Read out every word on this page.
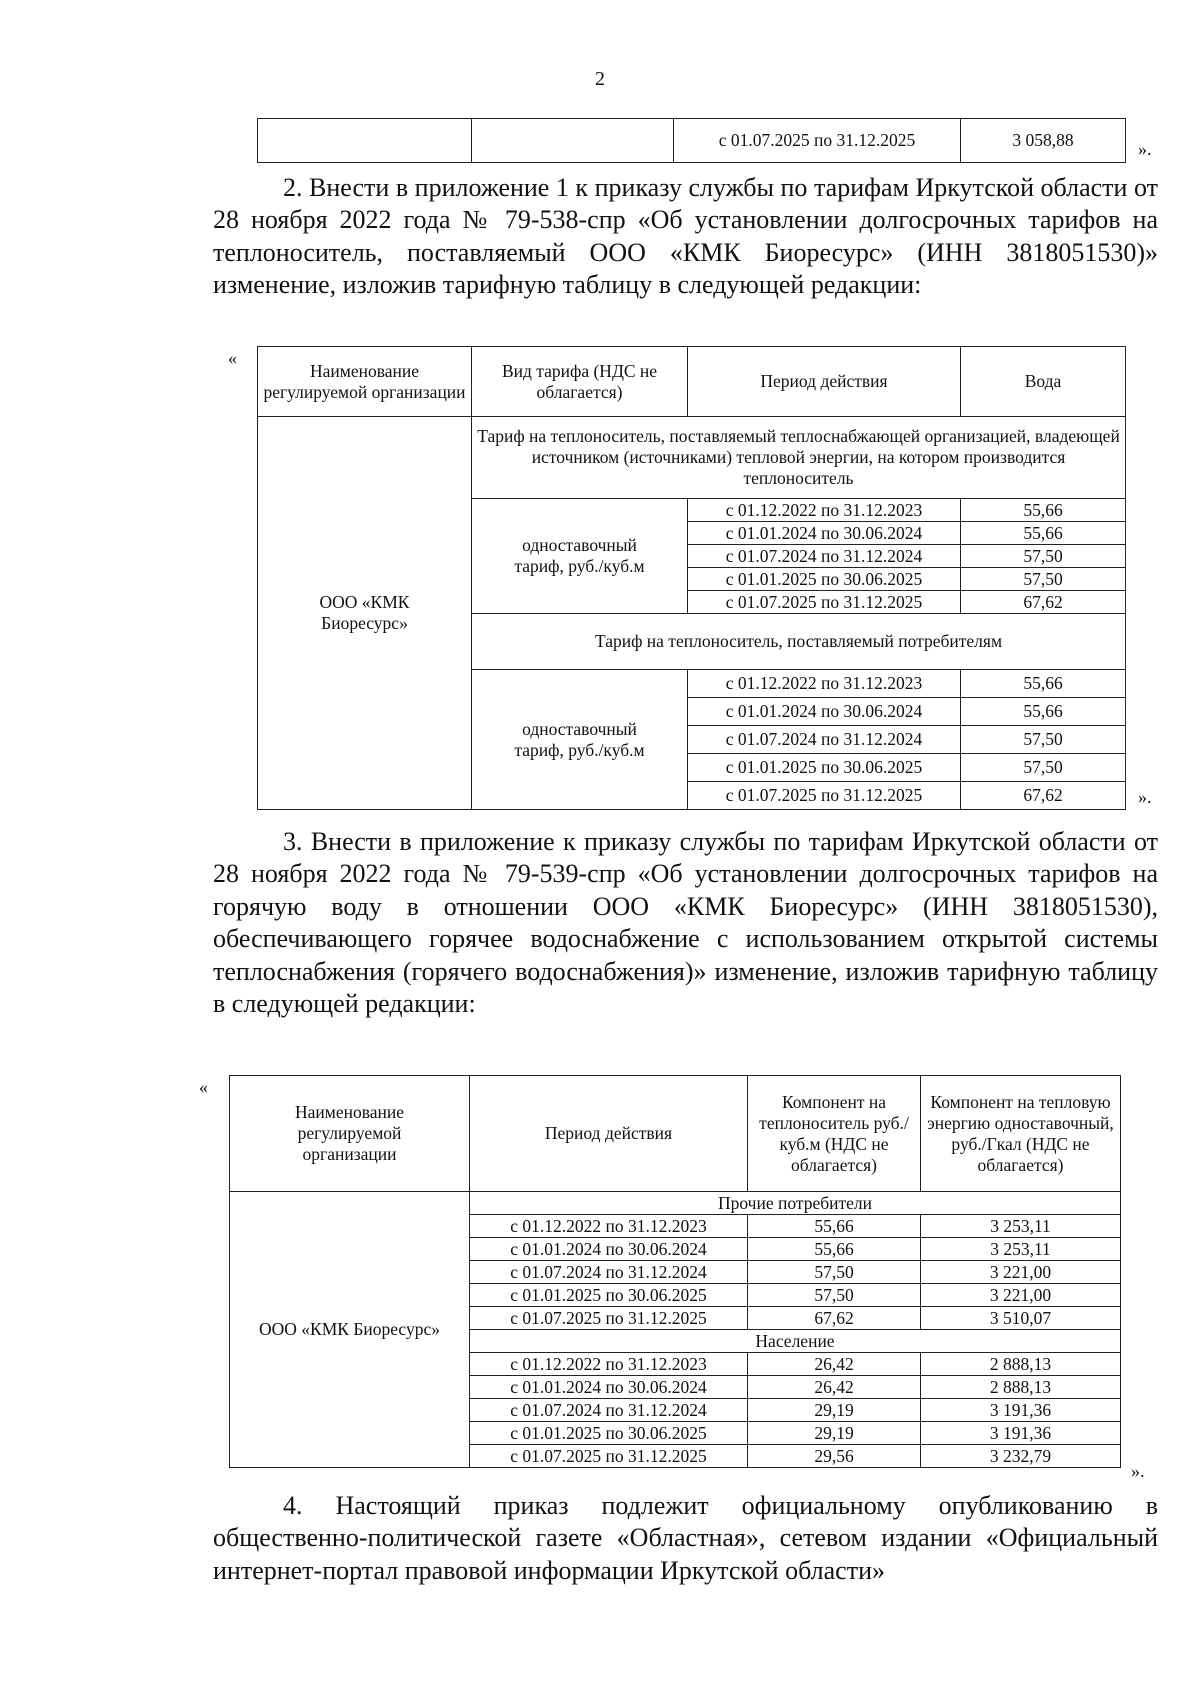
2
		с 01.07.2025 по 31.12.2025	3 058,88	».

2. Внести в приложение 1 к приказу службы по тарифам Иркутской области от 28 ноября 2022 года № 79-538-спр «Об установлении долгосрочных тарифов на теплоноситель, поставляемый ООО «КМК Биоресурс» (ИНН 3818051530)» изменение, изложив тарифную таблицу в следующей редакции:

«
Наименование регулируемой организации	Вид тарифа (НДС не облагается)	Период действия	Вода
ООО «КМК Биоресурс»	Тариф на теплоноситель, поставляемый теплоснабжающей организацией, владеющей источником (источниками) тепловой энергии, на котором производится теплоноситель		
	одноставочный тариф, руб./куб.м	с 01.12.2022 по 31.12.2023	55,66
		с 01.01.2024 по 30.06.2024	55,66
		с 01.07.2024 по 31.12.2024	57,50
		с 01.01.2025 по 30.06.2025	57,50
		с 01.07.2025 по 31.12.2025	67,62
	Тариф на теплоноситель, поставляемый потребителям		
	одноставочный тариф, руб./куб.м	с 01.12.2022 по 31.12.2023	55,66
		с 01.01.2024 по 30.06.2024	55,66
		с 01.07.2024 по 31.12.2024	57,50
		с 01.01.2025 по 30.06.2025	57,50
		с 01.07.2025 по 31.12.2025	67,62	».

3. Внести в приложение к приказу службы по тарифам Иркутской области от 28 ноября 2022 года № 79-539-спр «Об установлении долгосрочных тарифов на горячую воду в отношении ООО «КМК Биоресурс» (ИНН 3818051530), обеспечивающего горячее водоснабжение с использованием открытой системы теплоснабжения (горячего водоснабжения)» изменение, изложив тарифную таблицу в следующей редакции:

«
Наименование регулируемой организации	Период действия	Компонент на теплоноситель руб./куб.м (НДС не облагается)	Компонент на тепловую энергию одноставочный, руб./Гкал (НДС не облагается)
ООО «КМК Биоресурс»	Прочие потребители		
	с 01.12.2022 по 31.12.2023	55,66	3 253,11
	с 01.01.2024 по 30.06.2024	55,66	3 253,11
	с 01.07.2024 по 31.12.2024	57,50	3 221,00
	с 01.01.2025 по 30.06.2025	57,50	3 221,00
	с 01.07.2025 по 31.12.2025	67,62	3 510,07
	Население		
	с 01.12.2022 по 31.12.2023	26,42	2 888,13
	с 01.01.2024 по 30.06.2024	26,42	2 888,13
	с 01.07.2024 по 31.12.2024	29,19	3 191,36
	с 01.01.2025 по 30.06.2025	29,19	3 191,36
	с 01.07.2025 по 31.12.2025	29,56	3 232,79
».

4. Настоящий приказ подлежит официальному опубликованию в общественно-политической газете «Областная», сетевом издании «Официальный интернет-портал правовой информации Иркутской области»
